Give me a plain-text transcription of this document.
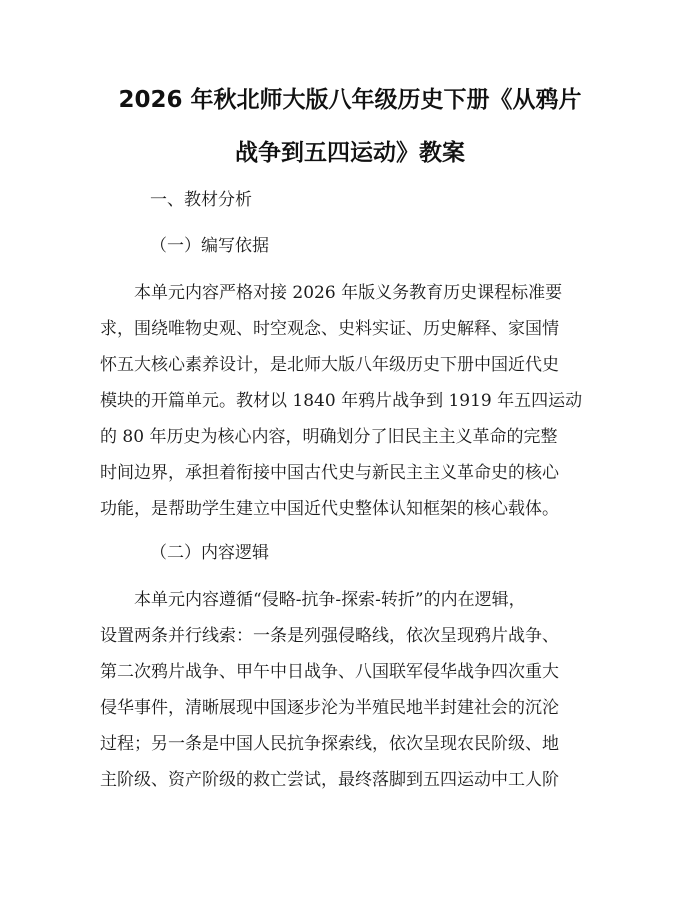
2026 年秋北师大版八年级历史下册《从鸦片
战争到五四运动》教案
一、教材分析
（一）编写依据
本单元内容严格对接 2026 年版义务教育历史课程标准要
求，围绕唯物史观、时空观念、史料实证、历史解释、家国情
怀五大核心素养设计，是北师大版八年级历史下册中国近代史
模块的开篇单元。教材以 1840 年鸦片战争到 1919 年五四运动
的 80 年历史为核心内容，明确划分了旧民主主义革命的完整
时间边界，承担着衔接中国古代史与新民主主义革命史的核心
功能，是帮助学生建立中国近代史整体认知框架的核心载体。
（二）内容逻辑
本单元内容遵循“侵略-抗争-探索-转折”的内在逻辑，
设置两条并行线索：一条是列强侵略线，依次呈现鸦片战争、
第二次鸦片战争、甲午中日战争、八国联军侵华战争四次重大
侵华事件，清晰展现中国逐步沦为半殖民地半封建社会的沉沦
过程；另一条是中国人民抗争探索线，依次呈现农民阶级、地
主阶级、资产阶级的救亡尝试，最终落脚到五四运动中工人阶
